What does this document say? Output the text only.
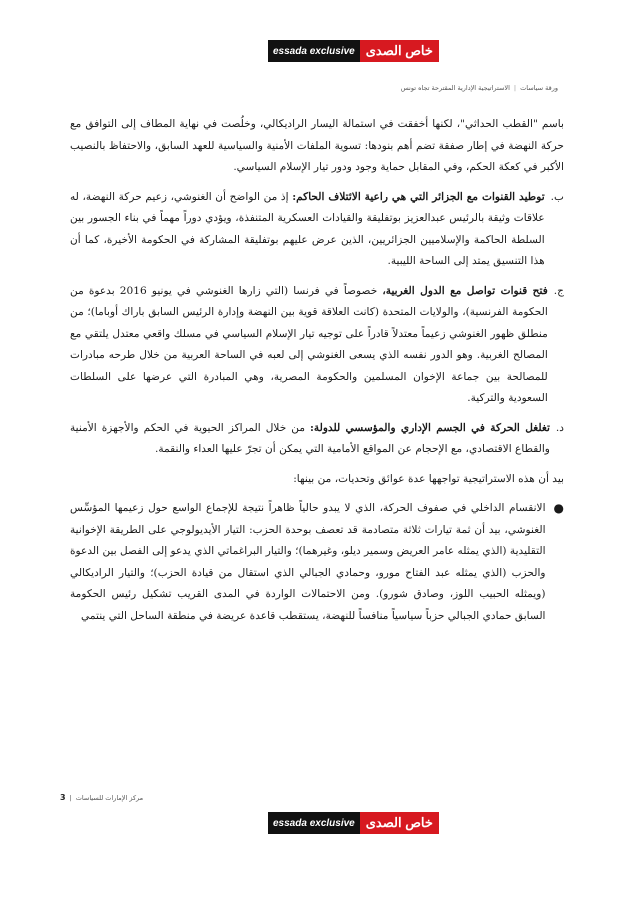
essada exclusive خاص الصدى
ورقة سياسات
|
الاستراتيجية الإدارية المقترحة تجاه تونس

باسم "القطب الحداثي"، لكنها أخفقت في استمالة اليسار الراديكالي، وخلُصت في نهاية المطاف إلى التوافق مع حركة النهضة في إطار صفقة تضم أهم بنودها: تسوية الملفات الأمنية والسياسية للعهد السابق، والاحتفاظ بالنصيب الأكبر في كعكة الحكم، وفي المقابل حماية وجود ودور تيار الإسلام السياسي.

ب.
توطيد القنوات مع الجزائر التي هي راعية الائتلاف الحاكم: إذ من الواضح أن الغنوشي، زعيم حركة النهضة، له علاقات وثيقة بالرئيس عبدالعزيز بوتفليقة والقيادات العسكرية المتنفذة، ويؤدي دوراً مهماً في بناء الجسور بين السلطة الحاكمة والإسلاميين الجزائريين، الذين عرض عليهم بوتفليقة المشاركة في الحكومة الأخيرة، كما أن هذا التنسيق يمتد إلى الساحة الليبية.
ج.
فتح قنوات تواصل مع الدول الغربية، خصوصاً في فرنسا (التي زارها الغنوشي في يونيو 2016 بدعوة من الحكومة الفرنسية)، والولايات المتحدة (كانت العلاقة قوية بين النهضة وإدارة الرئيس السابق باراك أوباما)؛ من منطلق ظهور الغنوشي زعيماً معتدلاً قادراً على توجيه تيار الإسلام السياسي في مسلك واقعي معتدل يلتقي مع المصالح الغربية. وهو الدور نفسه الذي يسعى الغنوشي إلى لعبه في الساحة العربية من خلال طرحه مبادرات للمصالحة بين جماعة الإخوان المسلمين والحكومة المصرية، وهي المبادرة التي عرضها على السلطات السعودية والتركية.
د.
تغلغل الحركة في الجسم الإداري والمؤسسي للدولة: من خلال المراكز الحيوية في الحكم والأجهزة الأمنية والقطاع الاقتصادي، مع الإحجام عن المواقع الأمامية التي يمكن أن تجرّ عليها العداء والنقمة.

بيد أن هذه الاستراتيجية تواجهها عدة عوائق وتحديات، من بينها:

●
الانقسام الداخلي في صفوف الحركة، الذي لا يبدو حالياً ظاهراً نتيجة للإجماع الواسع حول زعيمها المؤسِّس الغنوشي، بيد أن ثمة تيارات ثلاثة متصادمة قد تعصف بوحدة الحزب: التيار الأيديولوجي على الطريقة الإخوانية التقليدية (الذي يمثله عامر العريض وسمير ديلو، وغيرهما)؛ والتيار البراغماتي الذي يدعو إلى الفصل بين الدعوة والحزب (الذي يمثله عبد الفتاح مورو، وحمادي الجبالي الذي استقال من قيادة الحزب)؛ والتيار الراديكالي (ويمثله الحبيب اللوز، وصادق شورو). ومن الاحتمالات الواردة في المدى القريب تشكيل رئيس الحكومة السابق حمادي الجبالي حزباً سياسياً منافساً للنهضة، يستقطب قاعدة عريضة في منطقة الساحل التي ينتمي
مركز الإمارات للسياسات
|
3
essada exclusive خاص الصدى
